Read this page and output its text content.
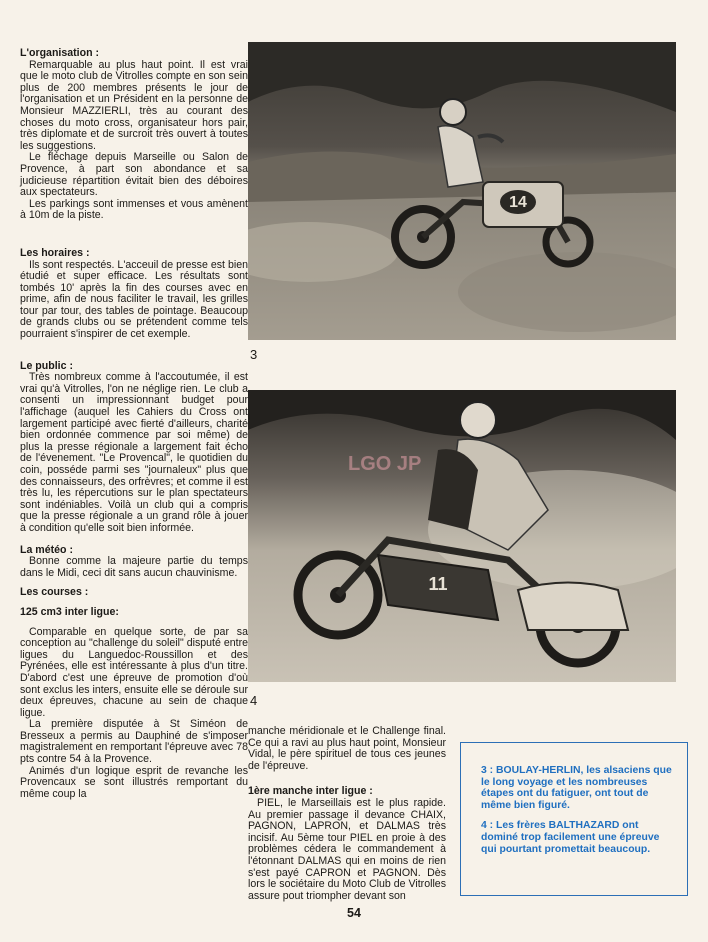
L'organisation :

Remarquable au plus haut point. Il est vrai que le moto club de Vitrolles compte en son sein plus de 200 membres présents le jour de l'organisation et un Président en la personne de Monsieur MAZZIERLI, très au courant des choses du moto cross, organisateur hors pair, très diplomate et de surcroit très ouvert à toutes les suggestions.

Le fléchage depuis Marseille ou Salon de Provence, à part son abondance et sa judicieuse répartition évitait bien des déboires aux spectateurs.

Les parkings sont immenses et vous amènent à 10m de la piste.

Les horaires :

Ils sont respectés. L'acceuil de presse est bien étudié et super efficace. Les résultats sont tombés 10' après la fin des courses avec en prime, afin de nous faciliter le travail, les grilles tour par tour, des tables de pointage. Beaucoup de grands clubs ou se prétendent comme tels pourraient s'inspirer de cet exemple.

Le public :

Très nombreux comme à l'accoutumée, il est vrai qu'à Vitrolles, l'on ne néglige rien. Le club a consenti un impressionnant budget pour l'affichage (auquel les Cahiers du Cross ont largement participé avec fierté d'ailleurs, charité bien ordonnée commence par soi même) de plus la presse régionale a largement fait écho de l'évenement. "Le Provencal", le quotidien du coin, posséde parmi ses "journaleux" plus que des connaisseurs, des orfrèvres; et comme il est très lu, les répercutions sur le plan spectateurs sont indéniables. Voilà un club qui a compris que la presse régionale a un grand rôle à jouer à condition qu'elle soit bien informée.

La météo :

Bonne comme la majeure partie du temps dans le Midi, ceci dit sans aucun chauvinisme.

Les courses :

125 cm3 inter ligue:

Comparable en quelque sorte, de par sa conception au "challenge du soleil" disputé entre ligues du Languedoc-Roussillon et des Pyrénées, elle est intéressante à plus d'un titre. D'abord c'est une épreuve de promotion d'où sont exclus les inters, ensuite elle se déroule sur deux épreuves, chacune au sein de chaque ligue.

La première disputée à St Siméon de Bresseux a permis au Dauphiné de s'imposer magistralement en remportant l'épreuve avec 78 pts contre 54 à la Provence.

Animés d'un logique esprit de revanche les Provencaux se sont illustrés remportant du même coup la

14
3
LGO JP
11
4

manche méridionale et le Challenge final. Ce qui a ravi au plus haut point, Monsieur Vidal, le père spirituel de tous ces jeunes de l'épreuve.

1ère manche inter ligue :

PIEL, le Marseillais est le plus rapide. Au premier passage il devance CHAIX, PAGNON, LAPRON, et DALMAS très incisif. Au 5ème tour PIEL en proie à des problèmes cédera le commandement à l'étonnant DALMAS qui en moins de rien s'est payé CAPRON et PAGNON. Dès lors le sociétaire du Moto Club de Vitrolles assure pout triompher devant son

3 : BOULAY-HERLIN, les alsaciens que le long voyage et les nombreuses étapes ont du fatiguer, ont tout de même bien figuré.

4 : Les frères BALTHAZARD ont dominé trop facilement une épreuve qui pourtant promettait beaucoup.

54
